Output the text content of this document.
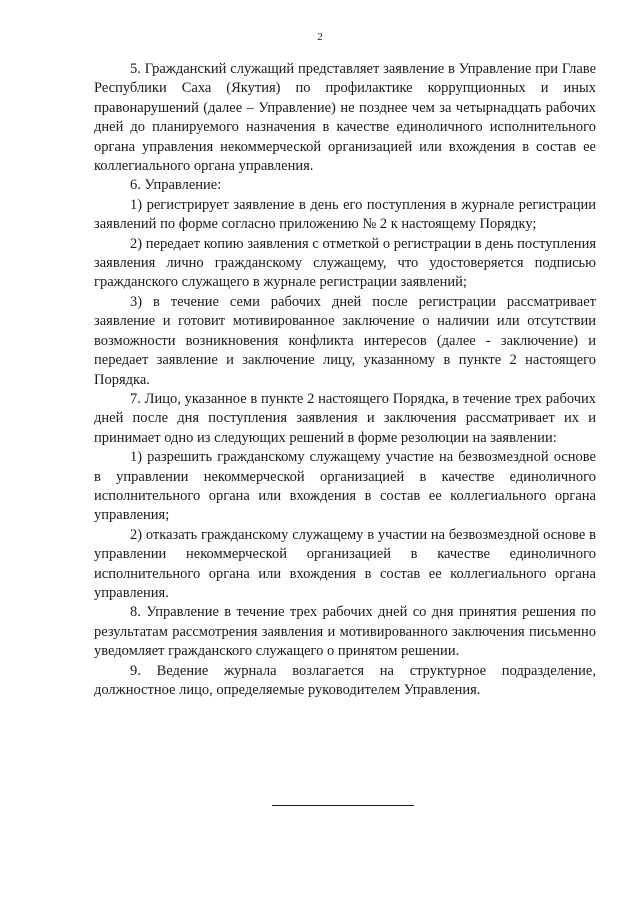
2

5. Гражданский служащий представляет заявление в Управление при Главе Республики Саха (Якутия) по профилактике коррупционных и иных правонарушений (далее – Управление) не позднее чем за четырнадцать рабочих дней до планируемого назначения в качестве единоличного исполнительного органа управления некоммерческой организацией или вхождения в состав ее коллегиального органа управления.

6. Управление:

1) регистрирует заявление в день его поступления в журнале регистрации заявлений по форме согласно приложению № 2 к настоящему Порядку;

2) передает копию заявления с отметкой о регистрации в день поступления заявления лично гражданскому служащему, что удостоверяется подписью гражданского служащего в журнале регистрации заявлений;

3) в течение семи рабочих дней после регистрации рассматривает заявление и готовит мотивированное заключение о наличии или отсутствии возможности возникновения конфликта интересов (далее - заключение) и передает заявление и заключение лицу, указанному в пункте 2 настоящего Порядка.

7. Лицо, указанное в пункте 2 настоящего Порядка, в течение трех рабочих дней после дня поступления заявления и заключения рассматривает их и принимает одно из следующих решений в форме резолюции на заявлении:

1) разрешить гражданскому служащему участие на безвозмездной основе в управлении некоммерческой организацией в качестве единоличного исполнительного органа или вхождения в состав ее коллегиального органа управления;

2) отказать гражданскому служащему в участии на безвозмездной основе в управлении некоммерческой организацией в качестве единоличного исполнительного органа или вхождения в состав ее коллегиального органа управления.

8. Управление в течение трех рабочих дней со дня принятия решения по результатам рассмотрения заявления и мотивированного заключения письменно уведомляет гражданского служащего о принятом решении.

9. Ведение журнала возлагается на структурное подразделение, должностное лицо, определяемые руководителем Управления.
